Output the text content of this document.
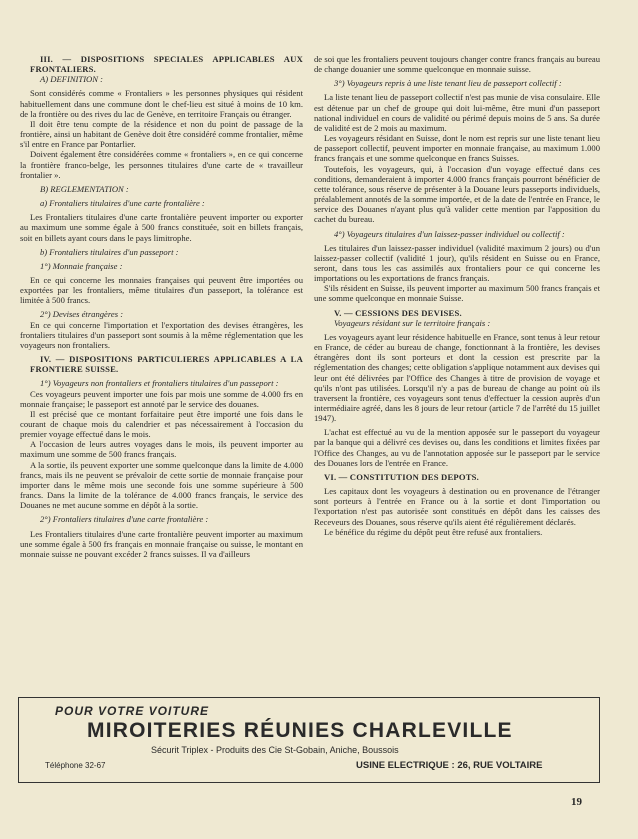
III. — DISPOSITIONS SPECIALES APPLICABLES AUX FRONTALIERS.

A) DEFINITION :

Sont considérés comme « Frontaliers » les personnes physiques qui résident habituellement dans une commune dont le chef-lieu est situé à moins de 10 km. de la frontière ou des rives du lac de Genève, en territoire Français ou étranger.

Il doit être tenu compte de la résidence et non du point de passage de la frontière, ainsi un habitant de Genève doit être considéré comme frontalier, même s'il entre en France par Pontarlier.

Doivent également être considérées comme « frontaliers », en ce qui concerne la frontière franco-belge, les personnes titulaires d'une carte de « travailleur frontalier ».

B) REGLEMENTATION :

a) Frontaliers titulaires d'une carte frontalière :

Les Frontaliers titulaires d'une carte frontalière peuvent importer ou exporter au maximum une somme égale à 500 francs constituée, soit en billets français, soit en billets ayant cours dans le pays limitrophe.

b) Frontaliers titulaires d'un passeport :

1°) Monnaie française :

En ce qui concerne les monnaies françaises qui peuvent être importées ou exportées par les frontaliers, même titulaires d'un passeport, la tolérance est limitée à 500 francs.

2°) Devises étrangères :

En ce qui concerne l'importation et l'exportation des devises étrangères, les frontaliers titulaires d'un passeport sont soumis à la même réglementation que les voyageurs non frontaliers.

IV. — DISPOSITIONS PARTICULIERES APPLICABLES A LA FRONTIERE SUISSE.

1°) Voyageurs non frontaliers et frontaliers titulaires d'un passeport :

Ces voyageurs peuvent importer une fois par mois une somme de 4.000 frs en monnaie française; le passeport est annoté par le service des douanes.

Il est précisé que ce montant forfaitaire peut être importé une fois dans le courant de chaque mois du calendrier et pas nécessairement à l'occasion du premier voyage effectué dans le mois.

A l'occasion de leurs autres voyages dans le mois, ils peuvent importer au maximum une somme de 500 francs français.

A la sortie, ils peuvent exporter une somme quelconque dans la limite de 4.000 francs, mais ils ne peuvent se prévaloir de cette sortie de monnaie française pour importer dans le même mois une seconde fois une somme supérieure à 500 francs. Dans la limite de la tolérance de 4.000 francs français, le service des Douanes ne met aucune somme en dépôt à la sortie.

2°) Frontaliers titulaires d'une carte frontalière :

Les Frontaliers titulaires d'une carte frontalière peuvent importer au maximum une somme égale à 500 frs français en monnaie française ou suisse, le montant en monnaie suisse ne pouvant excéder 2 francs suisses. Il va d'ailleurs

de soi que les frontaliers peuvent toujours changer contre francs français au bureau de change douanier une somme quelconque en monnaie suisse.

3°) Voyageurs repris à une liste tenant lieu de passeport collectif :

La liste tenant lieu de passeport collectif n'est pas munie de visa consulaire. Elle est détenue par un chef de groupe qui doit lui-même, être muni d'un passeport national individuel en cours de validité ou périmé depuis moins de 5 ans. Sa durée de validité est de 2 mois au maximum.

Les voyageurs résidant en Suisse, dont le nom est repris sur une liste tenant lieu de passeport collectif, peuvent importer en monnaie française, au maximum 1.000 francs français et une somme quelconque en francs Suisses.

Toutefois, les voyageurs, qui, à l'occasion d'un voyage effectué dans ces conditions, demanderaient à importer 4.000 francs français pourront bénéficier de cette tolérance, sous réserve de présenter à la Douane leurs passeports individuels, préalablement annotés de la somme importée, et de la date de l'entrée en France, le service des Douanes n'ayant plus qu'à valider cette mention par l'apposition du cachet du bureau.

4°) Voyageurs titulaires d'un laissez-passer individuel ou collectif :

Les titulaires d'un laissez-passer individuel (validité maximum 2 jours) ou d'un laissez-passer collectif (validité 1 jour), qu'ils résident en Suisse ou en France, seront, dans tous les cas assimilés aux frontaliers pour ce qui concerne les importations ou les exportations de francs français.

S'ils résident en Suisse, ils peuvent importer au maximum 500 francs français et une somme quelconque en monnaie Suisse.

V. — CESSIONS DES DEVISES.

Voyageurs résidant sur le territoire français :

Les voyageurs ayant leur résidence habituelle en France, sont tenus à leur retour en France, de céder au bureau de change, fonctionnant à la frontière, les devises étrangères dont ils sont porteurs et dont la cession est prescrite par la réglementation des changes; cette obligation s'applique notamment aux devises qui leur ont été délivrées par l'Office des Changes à titre de provision de voyage et qu'ils n'ont pas utilisées. Lorsqu'il n'y a pas de bureau de change au point où ils traversent la frontière, ces voyageurs sont tenus d'effectuer la cession auprès d'un intermédiaire agréé, dans les 8 jours de leur retour (article 7 de l'arrêté du 15 juillet 1947).

L'achat est effectué au vu de la mention apposée sur le passeport du voyageur par la banque qui a délivré ces devises ou, dans les conditions et limites fixées par l'Office des Changes, au vu de l'annotation apposée sur le passeport par le service des Douanes lors de l'entrée en France.

VI. — CONSTITUTION DES DEPOTS.

Les capitaux dont les voyageurs à destination ou en provenance de l'étranger sont porteurs à l'entrée en France ou à la sortie et dont l'importation ou l'exportation n'est pas autorisée sont constitués en dépôt dans les caisses des Receveurs des Douanes, sous réserve qu'ils aient été régulièrement déclarés.

Le bénéfice du régime du dépôt peut être refusé aux frontaliers.

POUR VOTRE VOITURE
MIROITERIES RÉUNIES CHARLEVILLE
Sécurit Triplex - Produits des Cie St-Gobain, Aniche, Boussois
Téléphone 32-67	USINE ELECTRIQUE : 26, RUE VOLTAIRE
19
